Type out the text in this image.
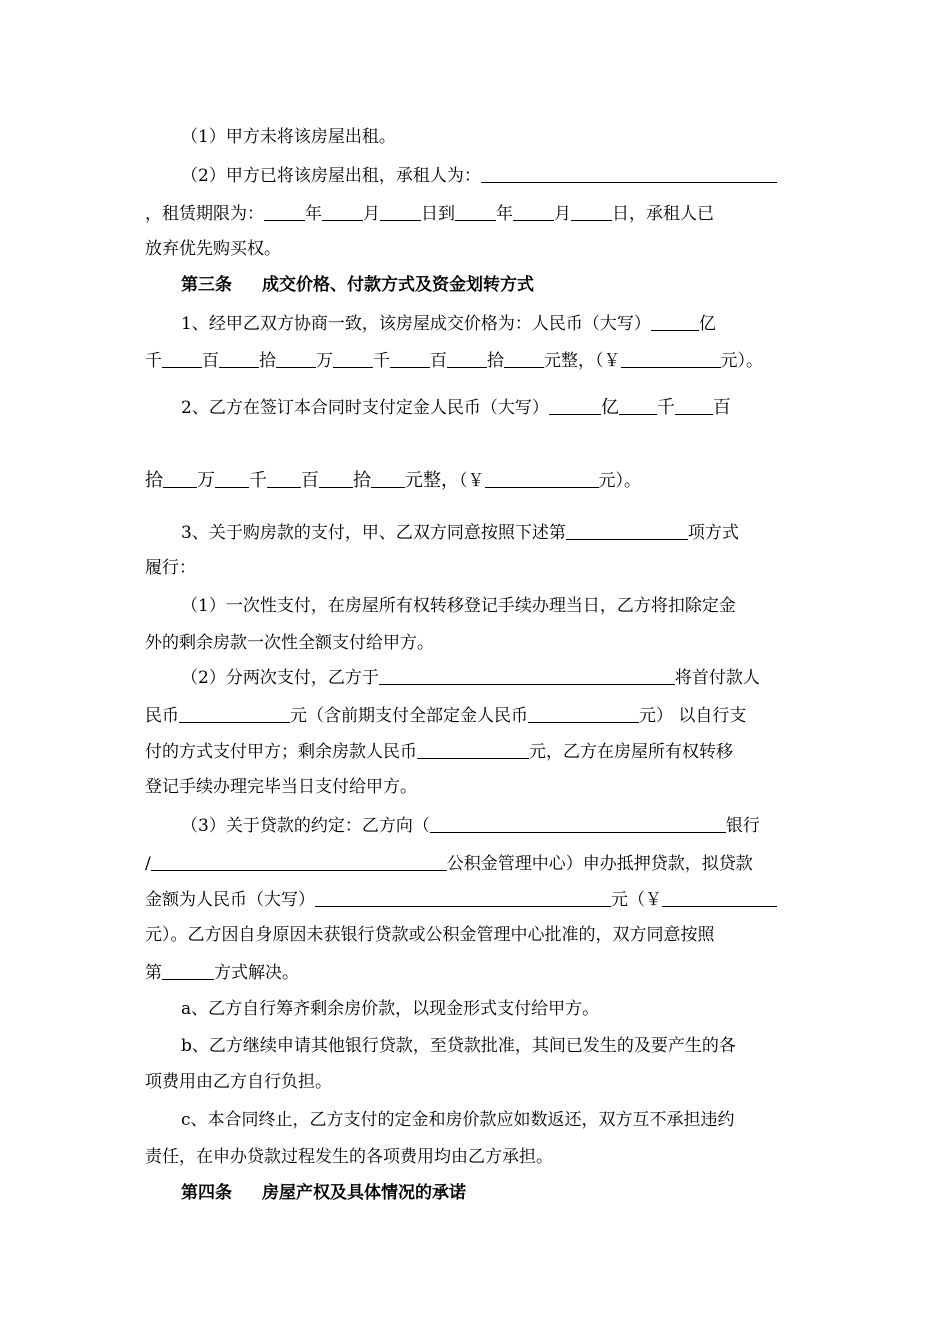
（1）甲方未将该房屋出租。
（2）甲方已将该房屋出租，承租人为：
，租赁期限为： 年 月 日到 年 月 日，承租人已
放弃优先购买权。
第三条 成交价格、付款方式及资金划转方式
1、经甲乙双方协商一致，该房屋成交价格为：人民币（大写）	亿
千 百 拾 万 千 百 拾 元整，（￥	元）。
2、乙方在签订本合同时支付定金人民币（大写）	亿 千 百
拾 万 千 百 拾 元整，（￥	元）。
3、关于购房款的支付，甲、乙双方同意按照下述第	项方式
履行：
（1）一次性支付，在房屋所有权转移登记手续办理当日，乙方将扣除定金
外的剩余房款一次性全额支付给甲方。
（2）分两次支付，乙方于	将首付款人
民币	元（含前期支付全部定金人民币	元） 以自行支
付的方式支付甲方；剩余房款人民币	元，乙方在房屋所有权转移
登记手续办理完毕当日支付给甲方。
（3）关于贷款的约定：乙方向（	银行
/	公积金管理中心）申办抵押贷款，拟贷款
金额为人民币（大写）	元（￥
元）。乙方因自身原因未获银行贷款或公积金管理中心批准的，双方同意按照
第	方式解决。
a、乙方自行筹齐剩余房价款，以现金形式支付给甲方。
b、乙方继续申请其他银行贷款，至贷款批准，其间已发生的及要产生的各
项费用由乙方自行负担。
c、本合同终止，乙方支付的定金和房价款应如数返还，双方互不承担违约
责任，在申办贷款过程发生的各项费用均由乙方承担。
第四条 房屋产权及具体情况的承诺
